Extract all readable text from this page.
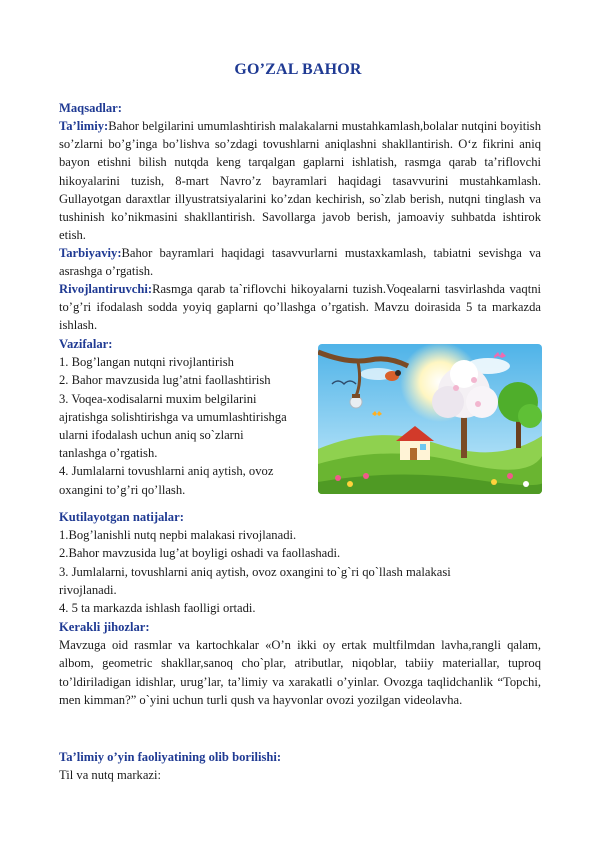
GO’ZAL BAHOR
Maqsadlar:

Ta’limiy:Bahor belgilarini umumlashtirish malakalarni mustahkamlash,bolalar nutqini boyitish so’zlarni bo’g’inga bo’lishva so’zdagi tovushlarni aniqlashni shakllantirish. O‘z fikrini aniq bayon etishni bilish nutqda keng tarqalgan gaplarni ishlatish, rasmga qarab ta’riflovchi hikoyalarini tuzish, 8-mart Navro’z bayramlari haqidagi tasavvurini mustahkamlash. Gullayotgan daraxtlar illyustratsiyalarini ko’zdan kechirish, so`zlab berish, nutqni tinglash va tushinish ko’nikmasini shakllantirish. Savollarga javob berish, jamoaviy suhbatda ishtirok etish.

Tarbiyaviy:Bahor bayramlari haqidagi tasavvurlarni mustaxkamlash, tabiatni sevishga va asrashga o’rgatish.

Rivojlantiruvchi:Rasmga qarab ta`riflovchi hikoyalarni tuzish.Voqealarni tasvirlashda vaqtni to’g’ri ifodalash sodda yoyiq gaplarni qo’llashga o’rgatish. Mavzu doirasida 5 ta markazda ishlash.

Vazifalar:
1. Bog’langan nutqni rivojlantirish
2. Bahor mavzusida lug’atni faollashtirish
3. Voqea-xodisalarni muxim belgilarini
ajratishga solishtirishga va umumlashtirishga
ularni ifodalash uchun aniq so`zlarni
tanlashga o’rgatish.
4. Jumlalarni tovushlarni aniq aytish, ovoz
oxangini to’g’ri qo’llash.
Kutilayotgan natijalar:
1.Bog’lanishli nutq nepbi malakasi rivojlanadi.
2.Bahor mavzusida lug’at boyligi oshadi va faollashadi.
3. Jumlalarni, tovushlarni aniq aytish, ovoz oxangini to`g`ri qo`llash malakasi
rivojlanadi.
4. 5 ta markazda ishlash faolligi ortadi.
Kerakli jihozlar:

Mavzuga oid rasmlar va kartochkalar «O’n ikki oy ertak multfilmdan lavha,rangli qalam, albom, geometric shakllar,sanoq cho`plar, atributlar, niqoblar, tabiiy materiallar, tuproq to’ldiriladigan idishlar, urug’lar, ta’limiy va xarakatli o’yinlar. Ovozga taqlidchanlik “Topchi, men kimman?” o`yini uchun turli qush va hayvonlar ovozi yozilgan videolavha.

Ta’limiy o’yin faoliyatining olib borilishi:
Til va nutq markazi:
